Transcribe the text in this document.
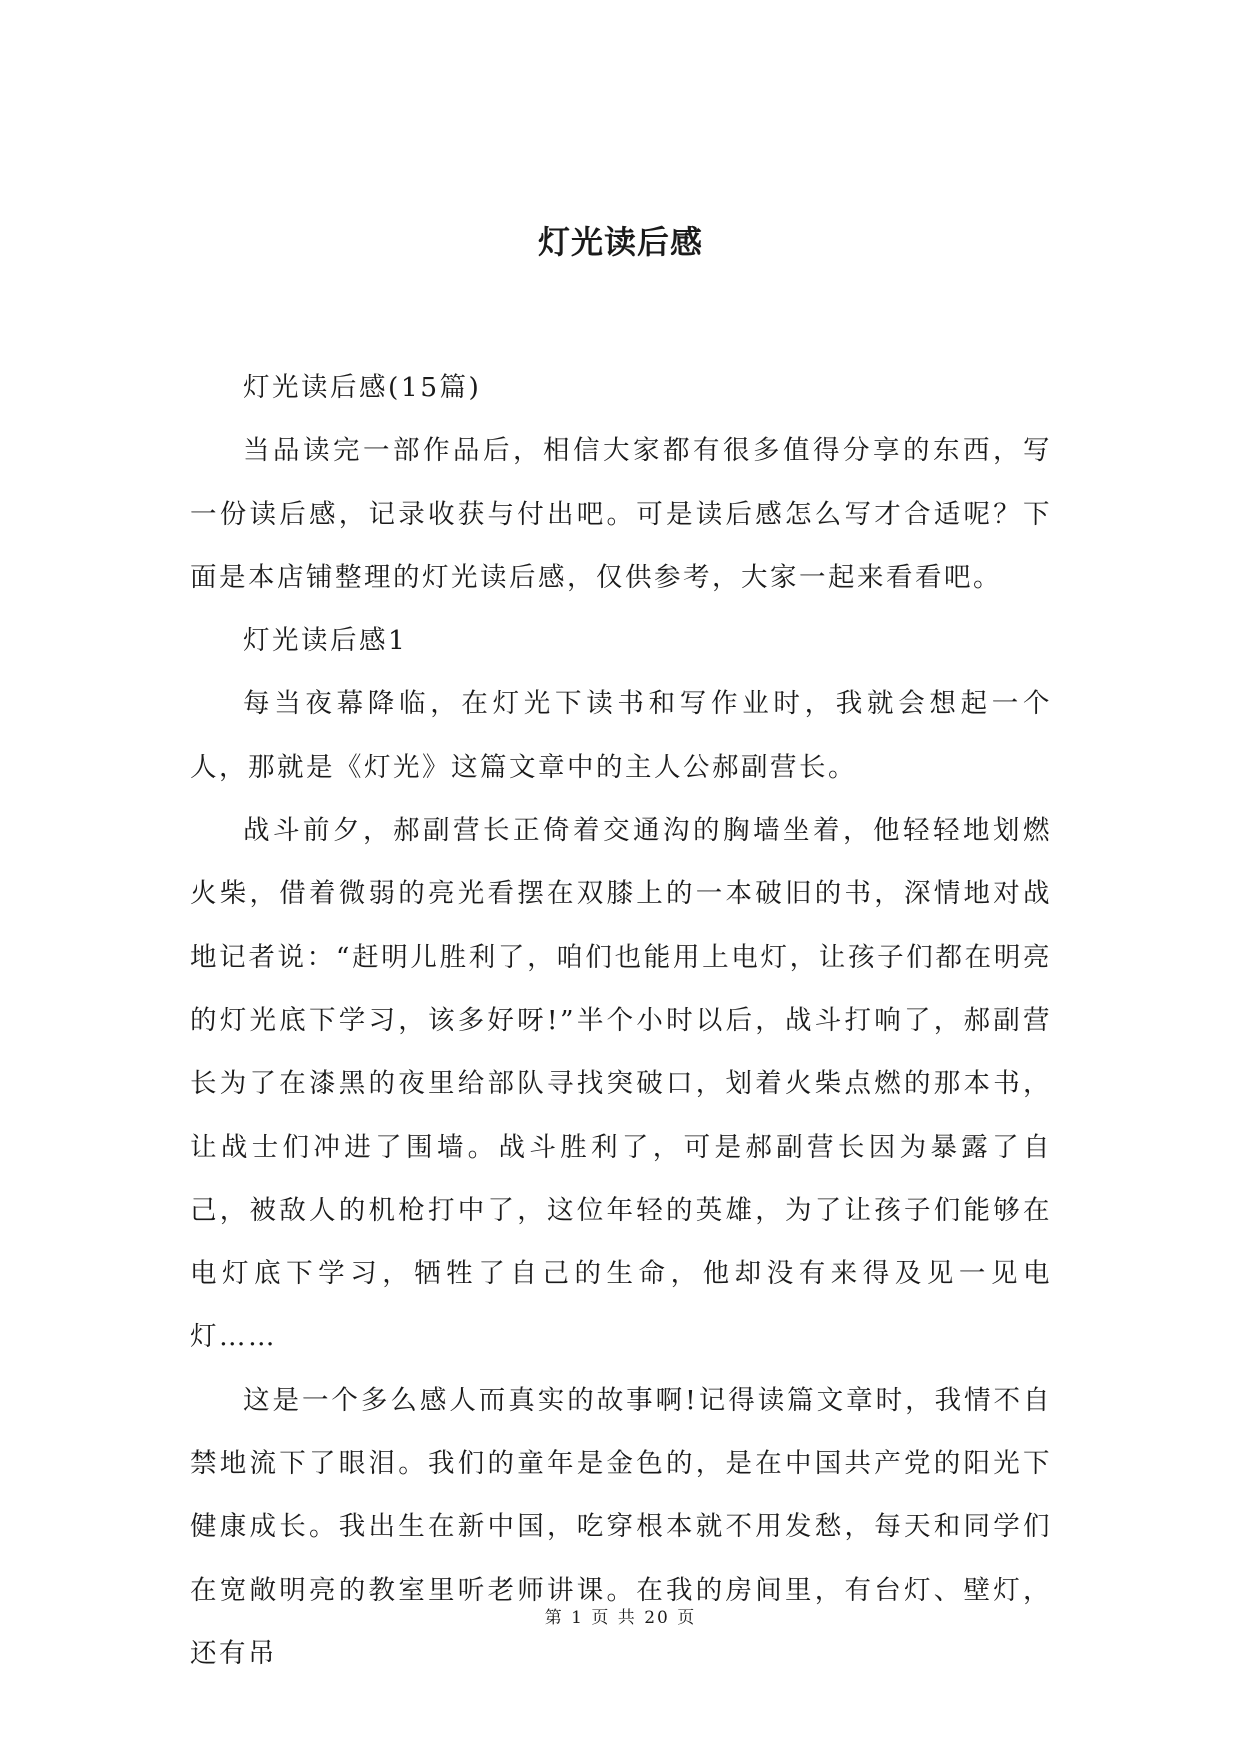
灯光读后感

灯光读后感(15篇)

当品读完一部作品后，相信大家都有很多值得分享的东西，写一份读后感，记录收获与付出吧。可是读后感怎么写才合适呢？下面是本店铺整理的灯光读后感，仅供参考，大家一起来看看吧。

灯光读后感1

每当夜幕降临，在灯光下读书和写作业时，我就会想起一个人，那就是《灯光》这篇文章中的主人公郝副营长。

战斗前夕，郝副营长正倚着交通沟的胸墙坐着，他轻轻地划燃火柴，借着微弱的亮光看摆在双膝上的一本破旧的书，深情地对战地记者说：“赶明儿胜利了，咱们也能用上电灯，让孩子们都在明亮的灯光底下学习，该多好呀!”半个小时以后，战斗打响了，郝副营长为了在漆黑的夜里给部队寻找突破口，划着火柴点燃的那本书，让战士们冲进了围墙。战斗胜利了，可是郝副营长因为暴露了自己，被敌人的机枪打中了，这位年轻的英雄，为了让孩子们能够在电灯底下学习，牺牲了自己的生命，他却没有来得及见一见电灯……

这是一个多么感人而真实的故事啊!记得读篇文章时，我情不自禁地流下了眼泪。我们的童年是金色的，是在中国共产党的阳光下健康成长。我出生在新中国，吃穿根本就不用发愁，每天和同学们在宽敞明亮的教室里听老师讲课。在我的房间里，有台灯、壁灯，还有吊

第 1 页 共 20 页
